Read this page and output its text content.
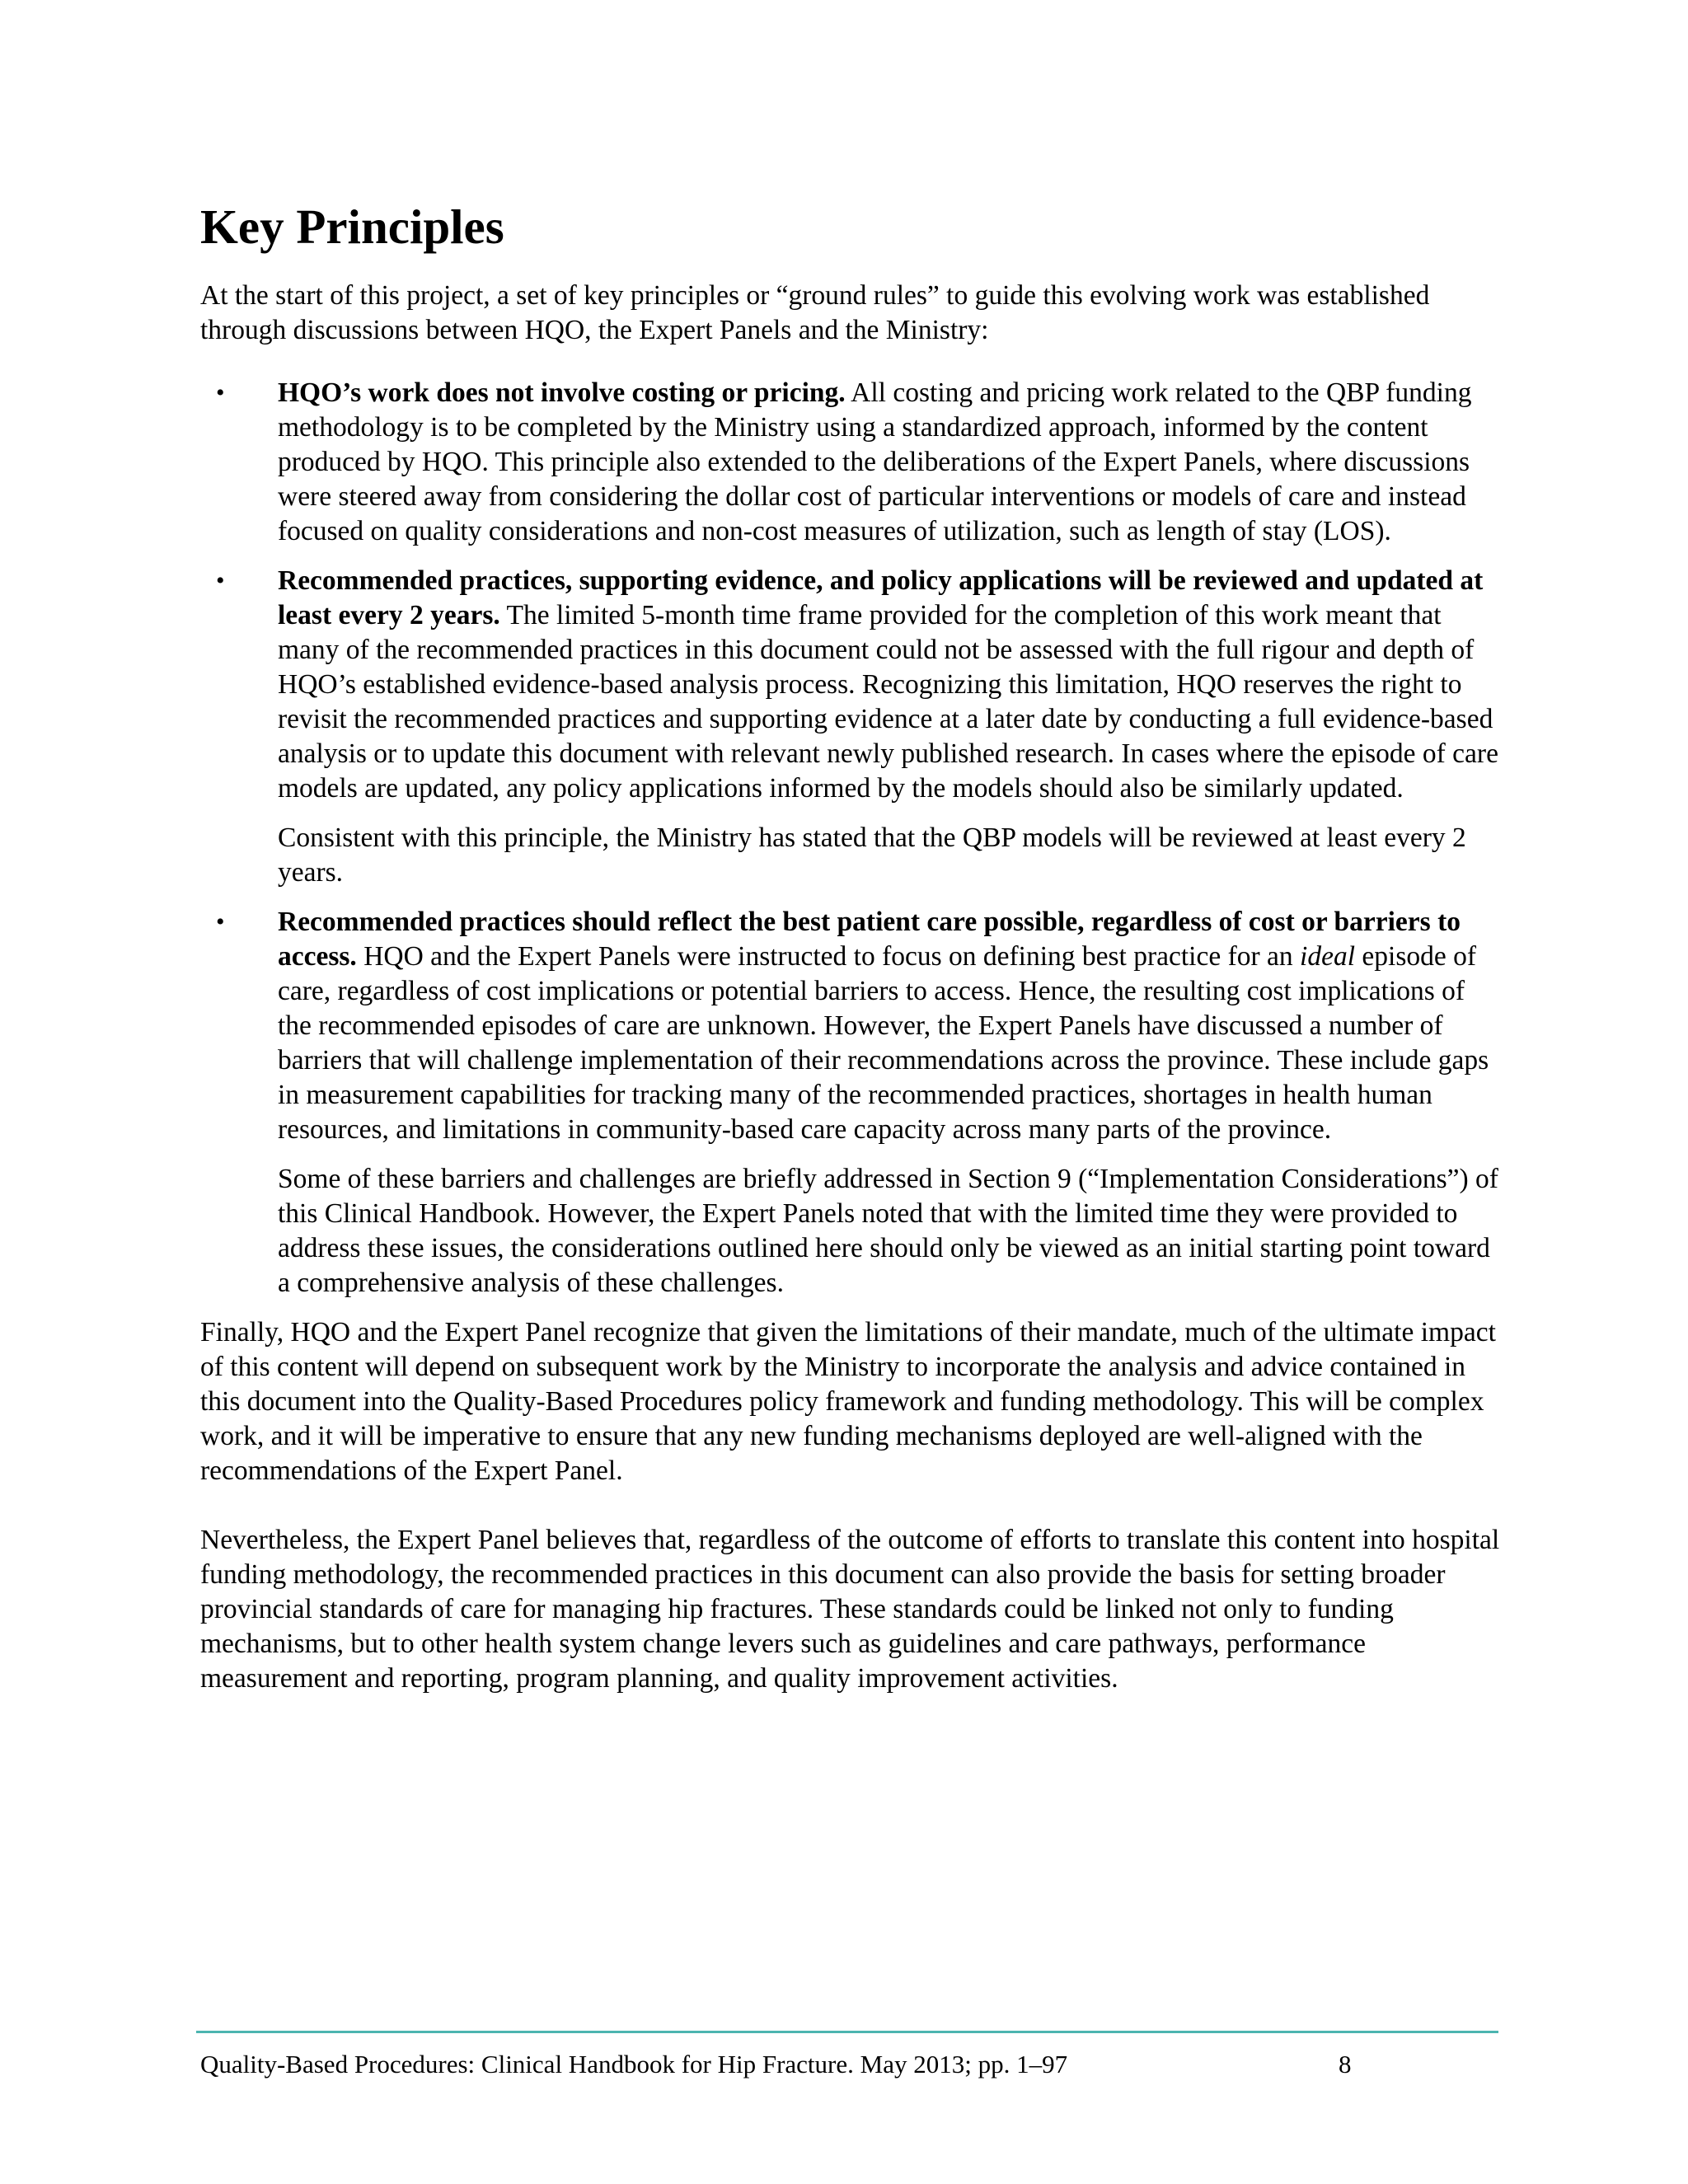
Key Principles

At the start of this project, a set of key principles or “ground rules” to guide this evolving work was established through discussions between HQO, the Expert Panels and the Ministry:

• HQO’s work does not involve costing or pricing. All costing and pricing work related to the QBP funding methodology is to be completed by the Ministry using a standardized approach, informed by the content produced by HQO. This principle also extended to the deliberations of the Expert Panels, where discussions were steered away from considering the dollar cost of particular interventions or models of care and instead focused on quality considerations and non-cost measures of utilization, such as length of stay (LOS).

• Recommended practices, supporting evidence, and policy applications will be reviewed and updated at least every 2 years. The limited 5-month time frame provided for the completion of this work meant that many of the recommended practices in this document could not be assessed with the full rigour and depth of HQO’s established evidence-based analysis process. Recognizing this limitation, HQO reserves the right to revisit the recommended practices and supporting evidence at a later date by conducting a full evidence-based analysis or to update this document with relevant newly published research. In cases where the episode of care models are updated, any policy applications informed by the models should also be similarly updated.

Consistent with this principle, the Ministry has stated that the QBP models will be reviewed at least every 2 years.

• Recommended practices should reflect the best patient care possible, regardless of cost or barriers to access. HQO and the Expert Panels were instructed to focus on defining best practice for an ideal episode of care, regardless of cost implications or potential barriers to access. Hence, the resulting cost implications of the recommended episodes of care are unknown. However, the Expert Panels have discussed a number of barriers that will challenge implementation of their recommendations across the province. These include gaps in measurement capabilities for tracking many of the recommended practices, shortages in health human resources, and limitations in community-based care capacity across many parts of the province.

Some of these barriers and challenges are briefly addressed in Section 9 (“Implementation Considerations”) of this Clinical Handbook. However, the Expert Panels noted that with the limited time they were provided to address these issues, the considerations outlined here should only be viewed as an initial starting point toward a comprehensive analysis of these challenges.

Finally, HQO and the Expert Panel recognize that given the limitations of their mandate, much of the ultimate impact of this content will depend on subsequent work by the Ministry to incorporate the analysis and advice contained in this document into the Quality-Based Procedures policy framework and funding methodology. This will be complex work, and it will be imperative to ensure that any new funding mechanisms deployed are well-aligned with the recommendations of the Expert Panel.

Nevertheless, the Expert Panel believes that, regardless of the outcome of efforts to translate this content into hospital funding methodology, the recommended practices in this document can also provide the basis for setting broader provincial standards of care for managing hip fractures. These standards could be linked not only to funding mechanisms, but to other health system change levers such as guidelines and care pathways, performance measurement and reporting, program planning, and quality improvement activities.

Quality-Based Procedures: Clinical Handbook for Hip Fracture. May 2013; pp. 1–97	8
